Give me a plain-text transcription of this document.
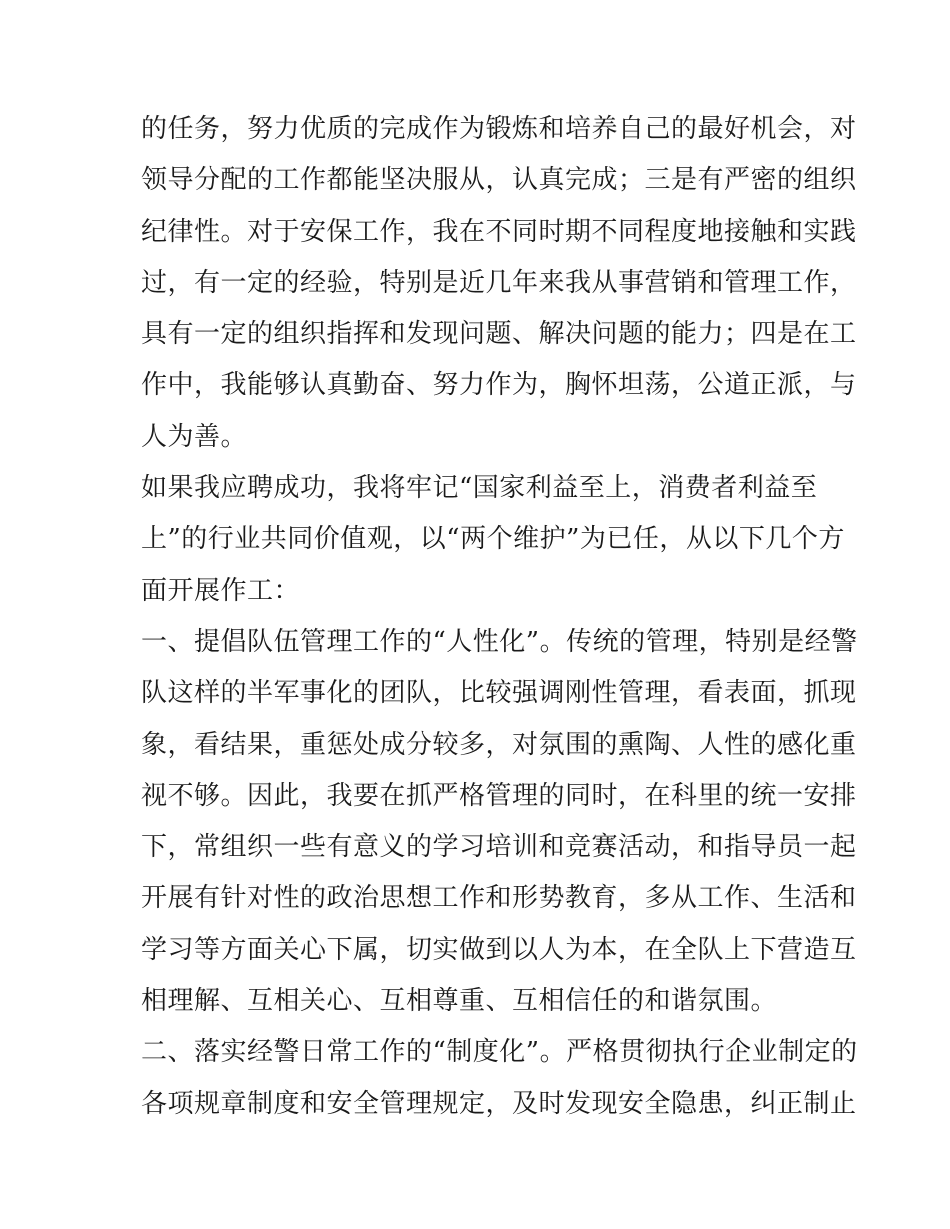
的任务，努力优质的完成作为锻炼和培养自己的最好机会，对
领导分配的工作都能坚决服从，认真完成；三是有严密的组织
纪律性。对于安保工作，我在不同时期不同程度地接触和实践
过，有一定的经验，特别是近几年来我从事营销和管理工作，
具有一定的组织指挥和发现问题、解决问题的能力；四是在工
作中，我能够认真勤奋、努力作为，胸怀坦荡，公道正派，与
人为善。
如果我应聘成功，我将牢记“国家利益至上，消费者利益至
上”的行业共同价值观，以“两个维护”为已任，从以下几个方
面开展作工：
一、提倡队伍管理工作的“人性化”。传统的管理，特别是经警
队这样的半军事化的团队，比较强调刚性管理，看表面，抓现
象，看结果，重惩处成分较多，对氛围的熏陶、人性的感化重
视不够。因此，我要在抓严格管理的同时，在科里的统一安排
下，常组织一些有意义的学习培训和竞赛活动，和指导员一起
开展有针对性的政治思想工作和形势教育，多从工作、生活和
学习等方面关心下属，切实做到以人为本，在全队上下营造互
相理解、互相关心、互相尊重、互相信任的和谐氛围。
二、落实经警日常工作的“制度化”。严格贯彻执行企业制定的
各项规章制度和安全管理规定，及时发现安全隐患，纠正制止
